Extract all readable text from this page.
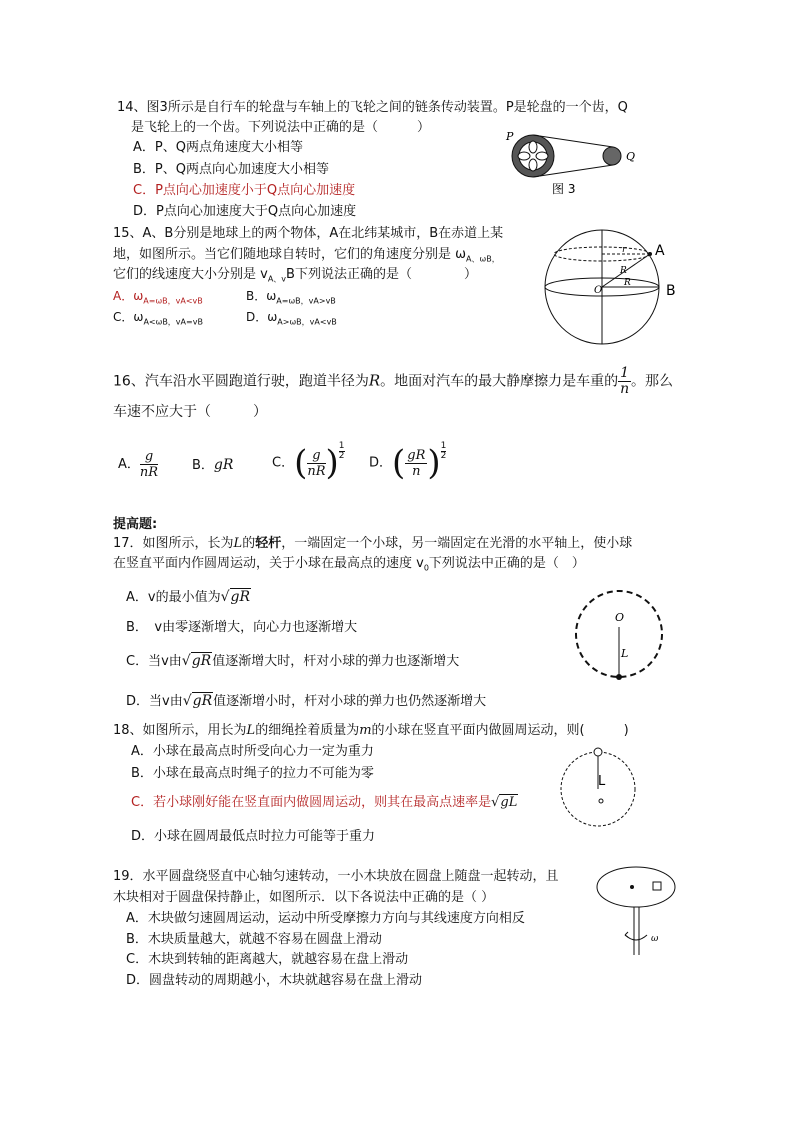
14、图3所示是自行车的轮盘与车轴上的飞轮之间的链条传动装置。P是轮盘的一个齿，Q
是飞轮上的一个齿。下列说法中正确的是（　　　）
A．P、Q两点角速度大小相等
B．P、Q两点向心加速度大小相等
C．P点向心加速度小于Q点向心加速度
D．P点向心加速度大于Q点向心加速度
P
Q
图 3
15、A、B分别是地球上的两个物体，A在北纬某城市，B在赤道上某
地，如图所示。当它们随地球自转时，它们的角速度分别是 $\omega_{A、\omega B,}$
它们的线速度大小分别是 $v_{A、v}B$下列说法正确的是（　　　　）
A．$\omega_{A=\omega B,vA<vB}$	B．$\omega_{A=\omega B,vA>vB}$
C．$\omega_{A<\omega B,vA=vB}$	D．$\omega_{A>\omega B,vA<vB}$
r
R
R
O
A
B
16、汽车沿水平圆跑道行驶，跑道半径为R。地面对汽车的最大静摩擦力是车重的 $\frac{1}{n}$ 。那么
车速不应大于（　　　）
A． $\frac{g}{nR}$	B．gR	C．( $\frac{g}{nR}$ ) $\frac{1}{2}$
D．( $\frac{gR}{n}$ ) $\frac{1}{2}$
提高题:
17．如图所示，长为L的轻杆，一端固定一个小球，另一端固定在光滑的水平轴上，使小球
在竖直平面内作圆周运动，关于小球在最高点的速度 $v_0$下列说法中正确的是（　）
A．v的最小值为√gR
B．　v由零逐渐增大，向心力也逐渐增大
C．当v由√gR值逐渐增大时，杆对小球的弹力也逐渐增大
D．当v由√gR值逐渐增小时，杆对小球的弹力也仍然逐渐增大
O
L
18、如图所示，用长为L的细绳拴着质量为m的小球在竖直平面内做圆周运动，则(　　　)
A．小球在最高点时所受向心力一定为重力
B．小球在最高点时绳子的拉力不可能为零
C．若小球刚好能在竖直面内做圆周运动，则其在最高点速率是√gL
D．小球在圆周最低点时拉力可能等于重力
L
19．水平圆盘绕竖直中心轴匀速转动，一小木块放在圆盘上随盘一起转动，且
木块相对于圆盘保持静止，如图所示．以下各说法中正确的是（ ）
A．木块做匀速圆周运动，运动中所受摩擦力方向与其线速度方向相反
B．木块质量越大，就越不容易在圆盘上滑动
C．木块到转轴的距离越大，就越容易在盘上滑动
D．圆盘转动的周期越小，木块就越容易在盘上滑动
ω
